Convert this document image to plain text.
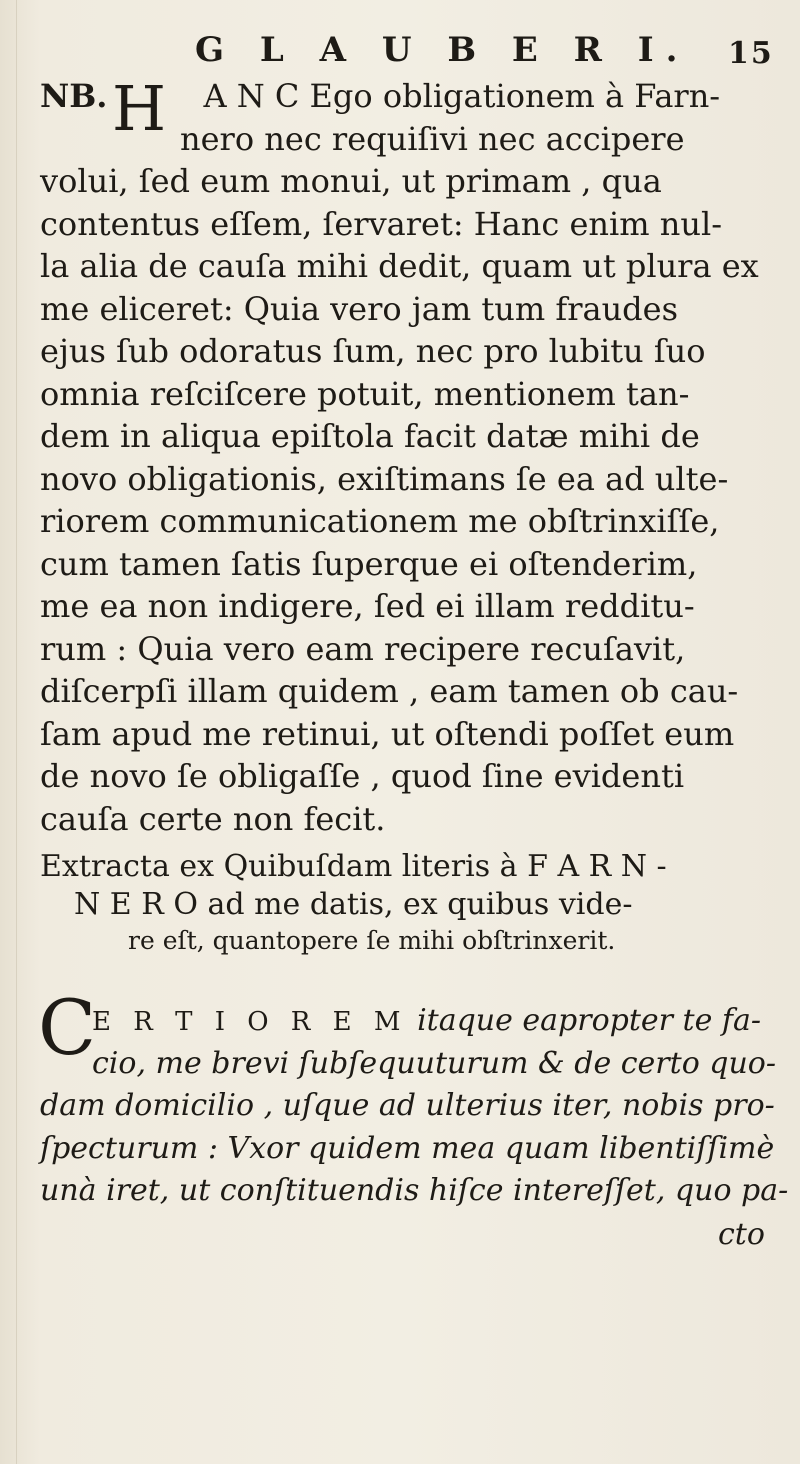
G L A U B E R I. 15
H
NB.	A N C Ego obligationem à Farn-
nero nec requiſivi nec accipere
volui, ſed eum monui, ut primam , qua
contentus eſſem, ſervaret: Hanc enim nul-
la alia de cauſa mihi dedit, quam ut plura ex
me eliceret: Quia vero jam tum fraudes
ejus ſub odoratus ſum, nec pro lubitu ſuo
omnia reſciſcere potuit, mentionem tan-
dem in aliqua epiſtola facit datæ mihi de
novo obligationis, exiſtimans ſe ea ad ulte-
riorem communicationem me obſtrinxiſſe,
cum tamen ſatis ſuperque ei oſtenderim,
me ea non indigere, ſed ei illam redditu-
rum : Quia vero eam recipere recuſavit,
diſcerpſi illam quidem , eam tamen ob cau-
ſam apud me retinui, ut oſtendi poſſet eum
de novo ſe obligaſſe , quod ſine evidenti
cauſa certe non fecit.
Extracta ex Quibuſdam literis à F A R N -
N E R O ad me datis, ex quibus vide-
re eſt, quantopere ſe mihi obſtrinxerit.
C
E R T I O R E M itaque eapropter te fa-
cio, me brevi ſubſequuturum & de certo quo-
dam domicilio , uſque ad ulterius iter, nobis pro-
ſpecturum : Vxor quidem mea quam libentiſſimè
unà iret, ut conſtituendis hiſce intereſſet, quo pa-
cto
